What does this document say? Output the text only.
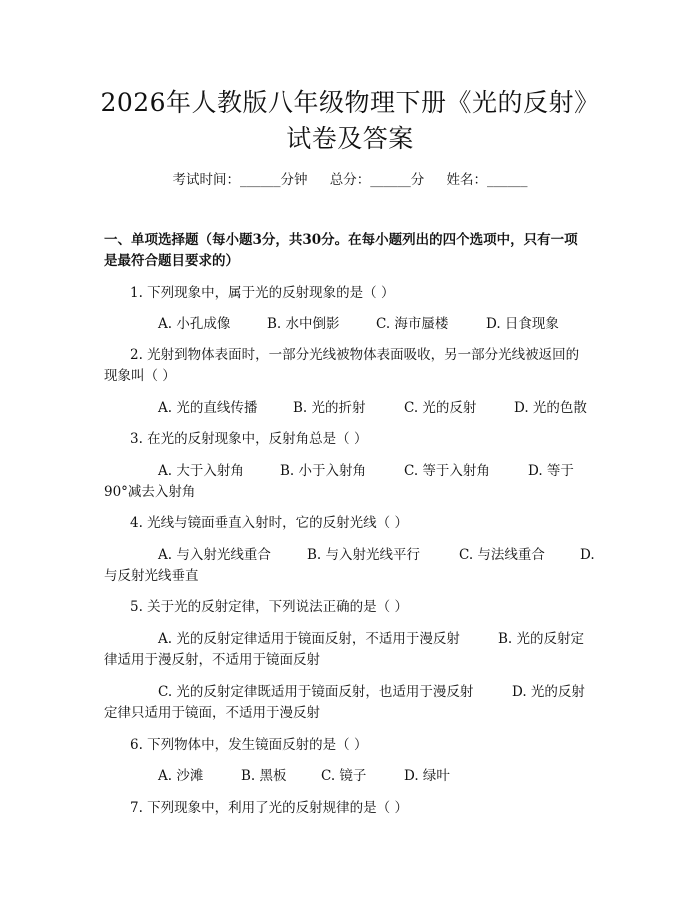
2026年人教版八年级物理下册《光的反射》
试卷及答案
考试时间：______分钟 总分：______分 姓名：______
一、单项选择题（每小题3分，共30分。在每小题列出的四个选项中，只有一项
是最符合题目要求的）
1. 下列现象中，属于光的反射现象的是（ ）
A. 小孔成像	B. 水中倒影	C. 海市蜃楼	D. 日食现象
2. 光射到物体表面时，一部分光线被物体表面吸收，另一部分光线被返回的
现象叫（ ）
A. 光的直线传播	B. 光的折射	C. 光的反射	D. 光的色散
3. 在光的反射现象中，反射角总是（ ）
A. 大于入射角	B. 小于入射角	C. 等于入射角	D. 等于
90°减去入射角
4. 光线与镜面垂直入射时，它的反射光线（ ）
A. 与入射光线重合	B. 与入射光线平行	C. 与法线重合	D.
与反射光线垂直
5. 关于光的反射定律，下列说法正确的是（ ）
A. 光的反射定律适用于镜面反射，不适用于漫反射	B. 光的反射定
律适用于漫反射，不适用于镜面反射
C. 光的反射定律既适用于镜面反射，也适用于漫反射	D. 光的反射
定律只适用于镜面，不适用于漫反射
6. 下列物体中，发生镜面反射的是（ ）
A. 沙滩	B. 黑板	C. 镜子	D. 绿叶
7. 下列现象中，利用了光的反射规律的是（ ）
